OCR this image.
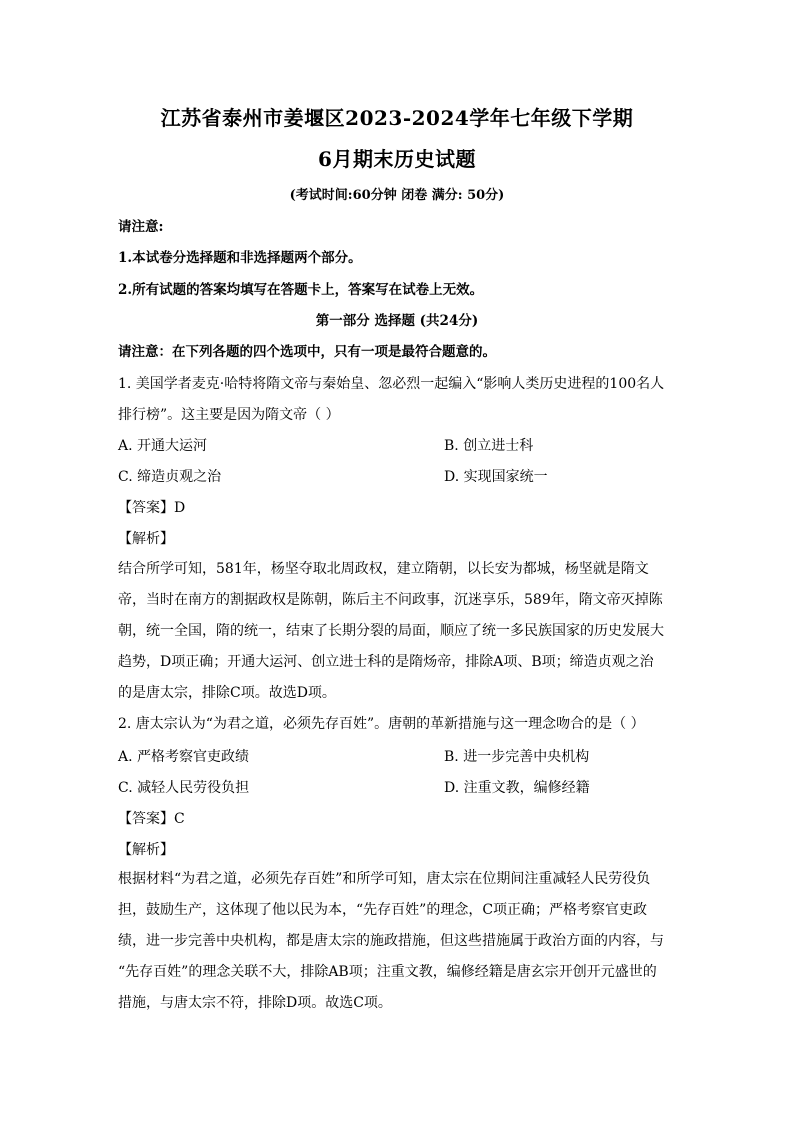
江苏省泰州市姜堰区2023-2024学年七年级下学期
6月期末历史试题
(考试时间:60分钟 闭卷 满分: 50分)
请注意:
1.本试卷分选择题和非选择题两个部分。
2.所有试题的答案均填写在答题卡上，答案写在试卷上无效。
第一部分 选择题 (共24分)
请注意：在下列各题的四个选项中，只有一项是最符合题意的。
1. 美国学者麦克·哈特将隋文帝与秦始皇、忽必烈一起编入“影响人类历史进程的100名人
排行榜”。这主要是因为隋文帝（ ）
A. 开通大运河	B. 创立进士科
C. 缔造贞观之治	D. 实现国家统一
【答案】D
【解析】
结合所学可知，581年，杨坚夺取北周政权，建立隋朝，以长安为都城，杨坚就是隋文
帝，当时在南方的割据政权是陈朝，陈后主不问政事，沉迷享乐，589年，隋文帝灭掉陈
朝，统一全国，隋的统一，结束了长期分裂的局面，顺应了统一多民族国家的历史发展大
趋势，D项正确；开通大运河、创立进士科的是隋炀帝，排除A项、B项；缔造贞观之治
的是唐太宗，排除C项。故选D项。
2. 唐太宗认为“为君之道，必须先存百姓”。唐朝的革新措施与这一理念吻合的是（ ）
A. 严格考察官吏政绩	B. 进一步完善中央机构
C. 减轻人民劳役负担	D. 注重文教，编修经籍
【答案】C
【解析】
根据材料“为君之道，必须先存百姓”和所学可知，唐太宗在位期间注重减轻人民劳役负
担，鼓励生产，这体现了他以民为本，“先存百姓”的理念，C项正确；严格考察官吏政
绩，进一步完善中央机构，都是唐太宗的施政措施，但这些措施属于政治方面的内容，与
“先存百姓”的理念关联不大，排除AB项；注重文教，编修经籍是唐玄宗开创开元盛世的
措施，与唐太宗不符，排除D项。故选C项。
